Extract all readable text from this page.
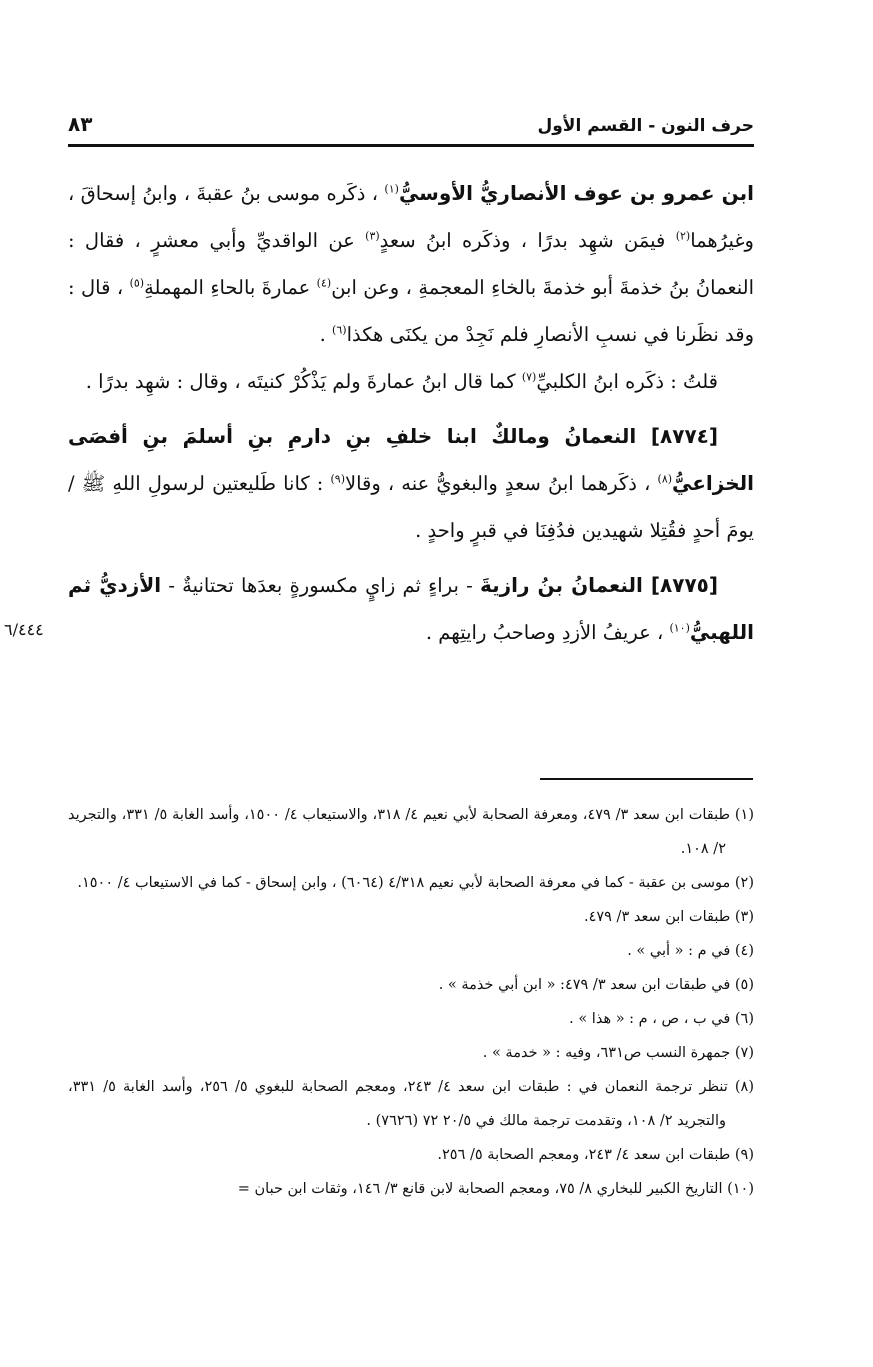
حرف النون - القسم الأول
٨٣
٦/٤٤٤

ابن عمرو بن عوف الأنصاريُّ الأوسيُّ$^{(١)}$ ، ذكَره موسى بنُ عقبةَ ، وابنُ إسحاقَ ، وغيرُهما$^{(٢)}$ فيمَن شهِد بدرًا ، وذكَره ابنُ سعدٍ$^{(٣)}$ عن الواقديِّ وأبي معشرٍ ، فقال : النعمانُ بنُ خذمةَ أبو خذمةَ بالخاءِ المعجمةِ ، وعن ابن$^{(٤)}$ عمارةَ بالحاءِ المهملةِ$^{(٥)}$ ، قال : وقد نظَرنا في نسبِ الأنصارِ فلم نَجِدْ من يكنَى هكذا$^{(٦)}$ .

قلتُ : ذكَره ابنُ الكلبيِّ$^{(٧)}$ كما قال ابنُ عمارةَ ولم يَذْكُرْ كنيتَه ، وقال : شهِد بدرًا .

[٨٧٧٤] النعمانُ ومالكٌ ابنا خلفِ بنِ دارمِ بنِ أسلمَ بنِ أفصَى الخزاعيُّ$^{(٨)}$ ، ذكَرهما ابنُ سعدٍ والبغويُّ عنه ، وقالا$^{(٩)}$ : كانا طَليعتين لرسولِ اللهِ ﷺ / يومَ أحدٍ فقُتِلا شهيدين فدُفِنَا في قبرٍ واحدٍ .

[٨٧٧٥] النعمانُ بنُ رازيةَ - براءٍ ثم زايٍ مكسورةٍ بعدَها تحتانيةٌ - الأزديُّ ثم اللهبيُّ$^{(١٠)}$ ، عريفُ الأزدِ وصاحبُ رايتِهم .

(١) طبقات ابن سعد ٣/ ٤٧٩، ومعرفة الصحابة لأبي نعيم ٤/ ٣١٨، والاستيعاب ٤/ ١٥٠٠، وأسد الغابة ٥/ ٣٣١، والتجريد ٢/ ١٠٨.

(٢) موسى بن عقبة - كما في معرفة الصحابة لأبي نعيم ٤/٣١٨ (٦٠٦٤) ، وابن إسحاق - كما في الاستيعاب ٤/ ١٥٠٠.

(٣) طبقات ابن سعد ٣/ ٤٧٩.

(٤) في م : « أبي » .

(٥) في طبقات ابن سعد ٣/ ٤٧٩: « ابن أبي خذمة » .

(٦) في ب ، ص ، م : « هذا » .

(٧) جمهرة النسب ص٦٣١، وفيه : « خدمة » .

(٨) تنظر ترجمة النعمان في : طبقات ابن سعد ٤/ ٢٤٣، ومعجم الصحابة للبغوي ٥/ ٢٥٦، وأسد الغابة ٥/ ٣٣١، والتجريد ٢/ ١٠٨، وتقدمت ترجمة مالك في ٢٠/٥ ٧٢ (٧٦٢٦) .

(٩) طبقات ابن سعد ٤/ ٢٤٣، ومعجم الصحابة ٥/ ٢٥٦.

(١٠) التاريخ الكبير للبخاري ٨/ ٧٥، ومعجم الصحابة لابن قانع ٣/ ١٤٦، وثقات ابن حبان =
